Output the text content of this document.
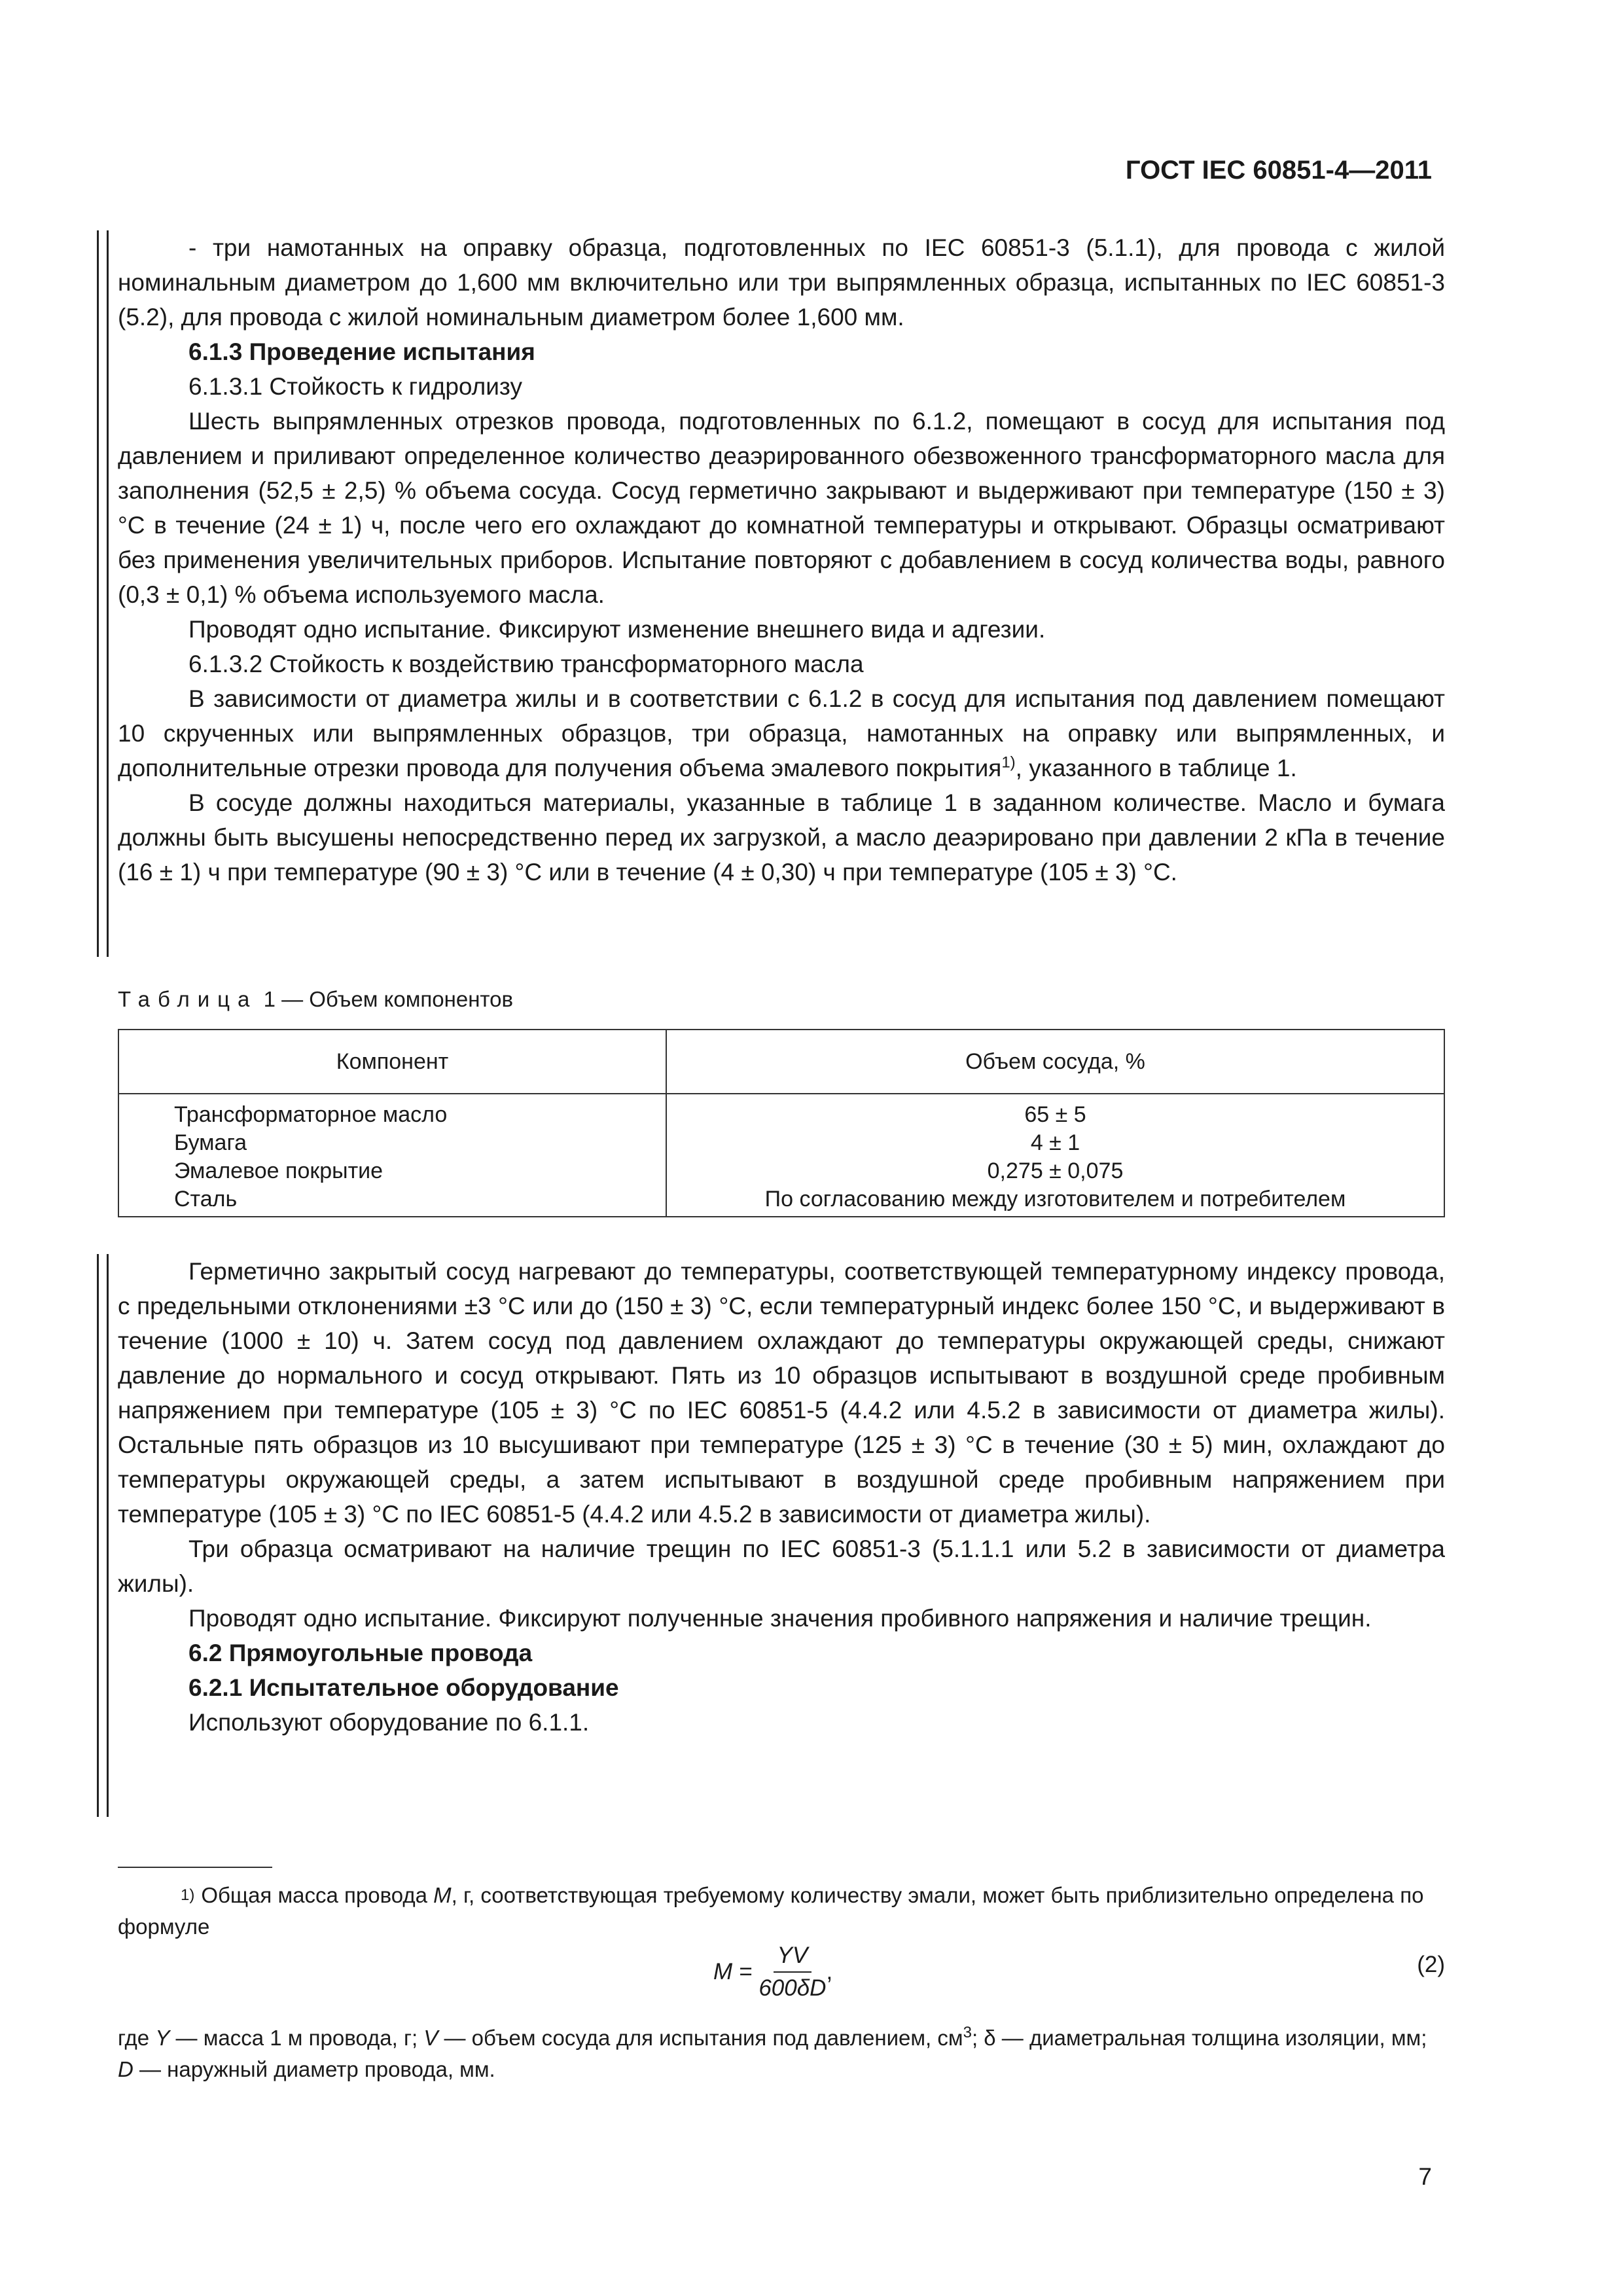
ГОСТ IEC 60851-4—2011

- три намотанных на оправку образца, подготовленных по IEC 60851-3 (5.1.1), для провода с жилой номинальным диаметром до 1,600 мм включительно или три выпрямленных образца, испытанных по IEC 60851-3 (5.2), для провода с жилой номинальным диаметром более 1,600 мм.

6.1.3 Проведение испытания

6.1.3.1 Стойкость к гидролизу

Шесть выпрямленных отрезков провода, подготовленных по 6.1.2, помещают в сосуд для испытания под давлением и приливают определенное количество деаэрированного обезвоженного трансформаторного масла для заполнения (52,5 ± 2,5) % объема сосуда. Сосуд герметично закрывают и выдерживают при температуре (150 ± 3) °С в течение (24 ± 1) ч, после чего его охлаждают до комнатной температуры и открывают. Образцы осматривают без применения увеличительных приборов. Испытание повторяют с добавлением в сосуд количества воды, равного (0,3 ± 0,1) % объема используемого масла.

Проводят одно испытание. Фиксируют изменение внешнего вида и адгезии.

6.1.3.2 Стойкость к воздействию трансформаторного масла

В зависимости от диаметра жилы и в соответствии с 6.1.2 в сосуд для испытания под давлением помещают 10 скрученных или выпрямленных образцов, три образца, намотанных на оправку или выпрямленных, и дополнительные отрезки провода для получения объема эмалевого покрытия$^{1)}$, указанного в таблице 1.

В сосуде должны находиться материалы, указанные в таблице 1 в заданном количестве. Масло и бумага должны быть высушены непосредственно перед их загрузкой, а масло деаэрировано при давлении 2 кПа в течение (16 ± 1) ч при температуре (90 ± 3) °С или в течение (4 ± 0,30) ч при температуре (105 ± 3) °С.

Таблица 1 — Объем компонентов
Компонент	Объем сосуда, %
Трансформаторное масло	65 ± 5
Бумага	4 ± 1
Эмалевое покрытие	0,275 ± 0,075
Сталь	По согласованию между изготовителем и потребителем

Герметично закрытый сосуд нагревают до температуры, соответствующей температурному индексу провода, с предельными отклонениями ±3 °С или до (150 ± 3) °С, если температурный индекс более 150 °С, и выдерживают в течение (1000 ± 10) ч. Затем сосуд под давлением охлаждают до температуры окружающей среды, снижают давление до нормального и сосуд открывают. Пять из 10 образцов испытывают в воздушной среде пробивным напряжением при температуре (105 ± 3) °С по IEC 60851-5 (4.4.2 или 4.5.2 в зависимости от диаметра жилы). Остальные пять образцов из 10 высушивают при температуре (125 ± 3) °С в течение (30 ± 5) мин, охлаждают до температуры окружающей среды, а затем испытывают в воздушной среде пробивным напряжением при температуре (105 ± 3) °С по IEC 60851-5 (4.4.2 или 4.5.2 в зависимости от диаметра жилы).

Три образца осматривают на наличие трещин по IEC 60851-3 (5.1.1.1 или 5.2 в зависимости от диаметра жилы).

Проводят одно испытание. Фиксируют полученные значения пробивного напряжения и наличие трещин.

6.2 Прямоугольные провода

6.2.1 Испытательное оборудование

Используют оборудование по 6.1.1.

$^{1)}$ Общая масса провода M, г, соответствующая требуемому количеству эмали, может быть приблизительно определена по формуле
$M = \frac{YV}{600\delta D}$ ,	(2)
где Y — масса 1 м провода, г; V — объем сосуда для испытания под давлением, $см^3$; δ — диаметральная толщина изоляции, мм; D — наружный диаметр провода, мм.
7
